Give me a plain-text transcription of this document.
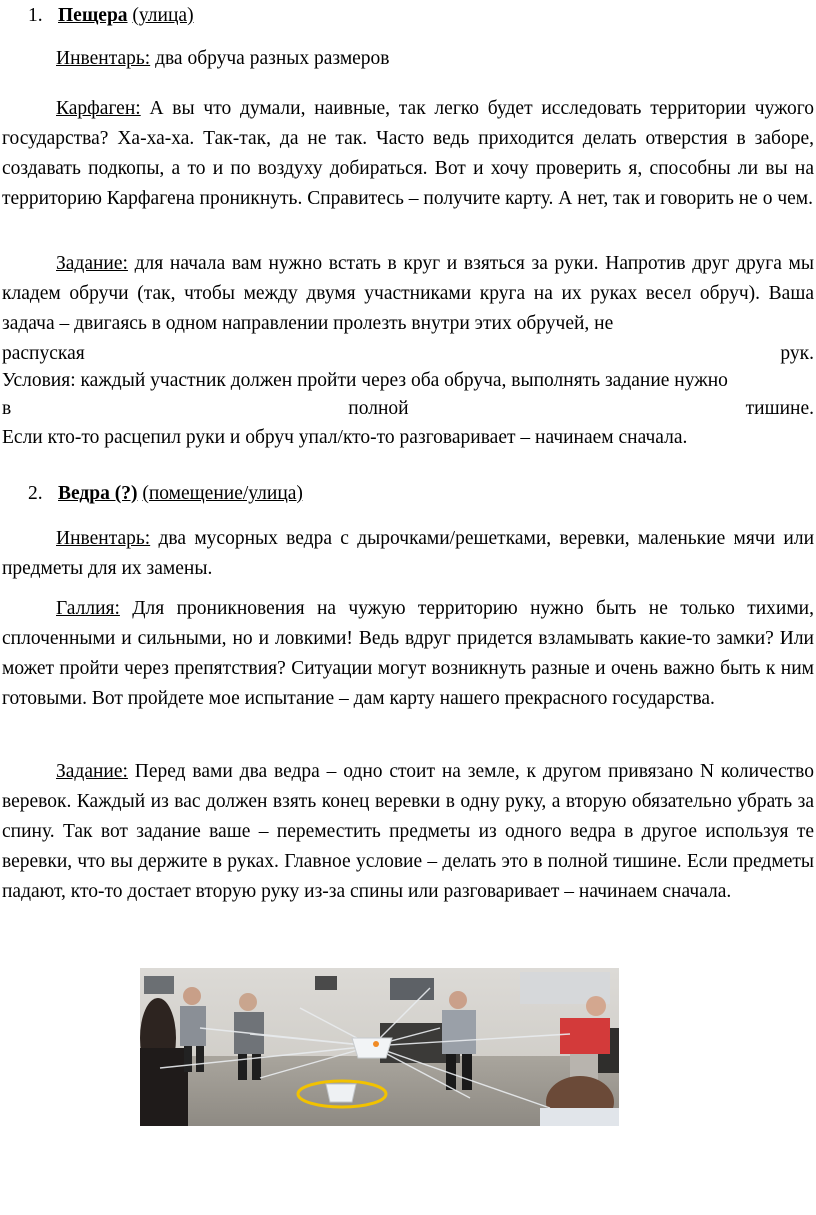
1. Пещера (улица)
Инвентарь: два обруча разных размеров
Карфаген: А вы что думали, наивные, так легко будет исследовать территории чужого государства? Ха-ха-ха. Так-так, да не так. Часто ведь приходится делать отверстия в заборе, создавать подкопы, а то и по воздуху добираться. Вот и хочу проверить я, способны ли вы на территорию Карфагена проникнуть. Справитесь – получите карту. А нет, так и говорить не о чем.
Задание: для начала вам нужно встать в круг и взяться за руки. Напротив друг друга мы кладем обручи (так, чтобы между двумя участниками круга на их руках весел обруч). Ваша задача – двигаясь в одном направлении пролезть внутри этих обручей, не
распуская	рук.
Условия: каждый участник должен пройти через оба обруча, выполнять задание нужно
в	полной	тишине.
Если кто-то расцепил руки и обруч упал/кто-то разговаривает – начинаем сначала.
2. Ведра (?) (помещение/улица)
Инвентарь: два мусорных ведра с дырочками/решетками, веревки, маленькие мячи или предметы для их замены.
Галлия: Для проникновения на чужую территорию нужно быть не только тихими, сплоченными и сильными, но и ловкими! Ведь вдруг придется взламывать какие-то замки? Или может пройти через препятствия? Ситуации могут возникнуть разные и очень важно быть к ним готовыми. Вот пройдете мое испытание – дам карту нашего прекрасного государства.
Задание: Перед вами два ведра – одно стоит на земле, к другом привязано N количество веревок. Каждый из вас должен взять конец веревки в одну руку, а вторую обязательно убрать за спину. Так вот задание ваше – переместить предметы из одного ведра в другое используя те веревки, что вы держите в руках. Главное условие – делать это в полной тишине. Если предметы падают, кто-то достает вторую руку из-за спины или разговаривает – начинаем сначала.
